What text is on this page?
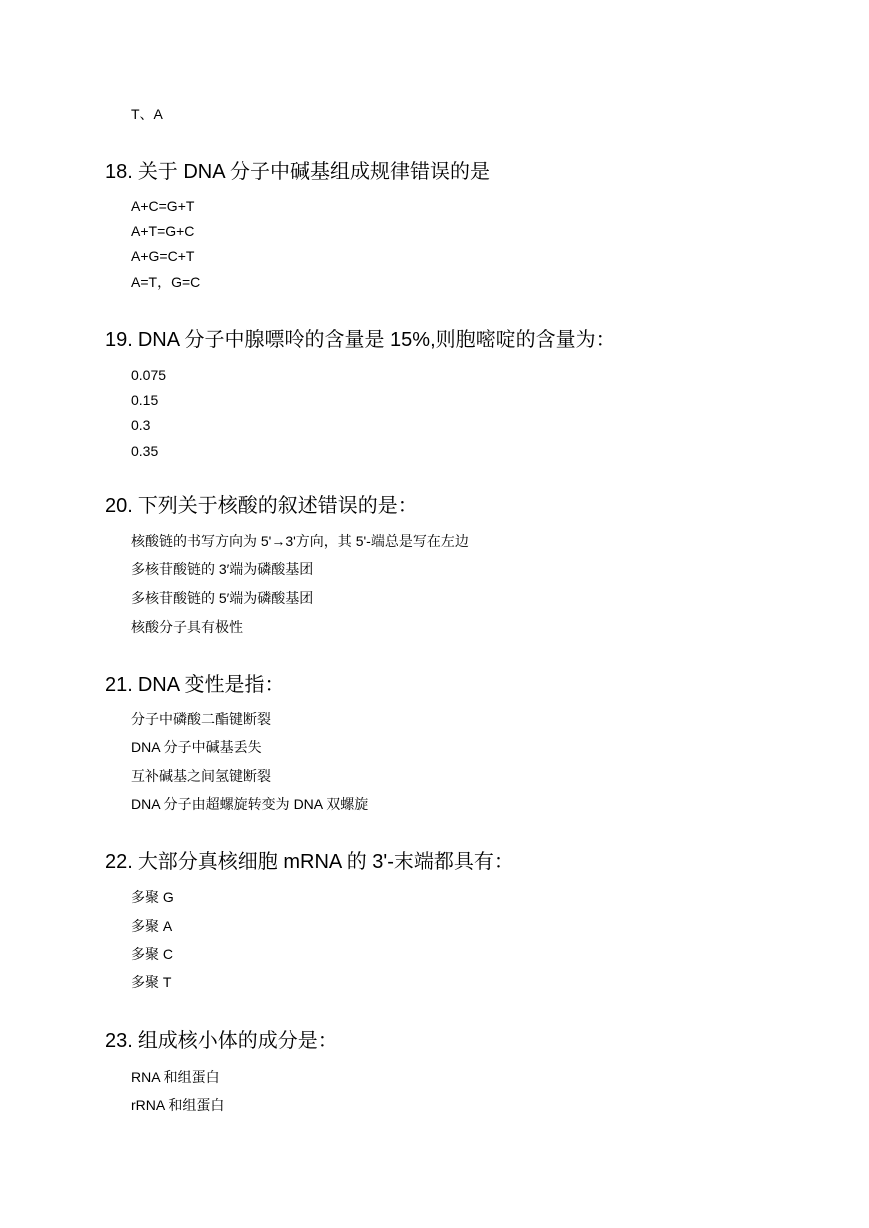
T、A
18. 关于 DNA 分子中碱基组成规律错误的是
A+C=G+T
A+T=G+C
A+G=C+T
A=T，G=C
19. DNA 分子中腺嘌呤的含量是 15%,则胞嘧啶的含量为：
0.075
0.15
0.3
0.35
20. 下列关于核酸的叙述错误的是：
核酸链的书写方向为 5'→3'方向，其 5'-端总是写在左边
多核苷酸链的 3′端为磷酸基团
多核苷酸链的 5′端为磷酸基团
核酸分子具有极性
21. DNA 变性是指：
分子中磷酸二酯键断裂
DNA 分子中碱基丢失
互补碱基之间氢键断裂
DNA 分子由超螺旋转变为 DNA 双螺旋
22. 大部分真核细胞 mRNA 的 3'-末端都具有：
多聚 G
多聚 A
多聚 C
多聚 T
23. 组成核小体的成分是：
RNA 和组蛋白
rRNA 和组蛋白
